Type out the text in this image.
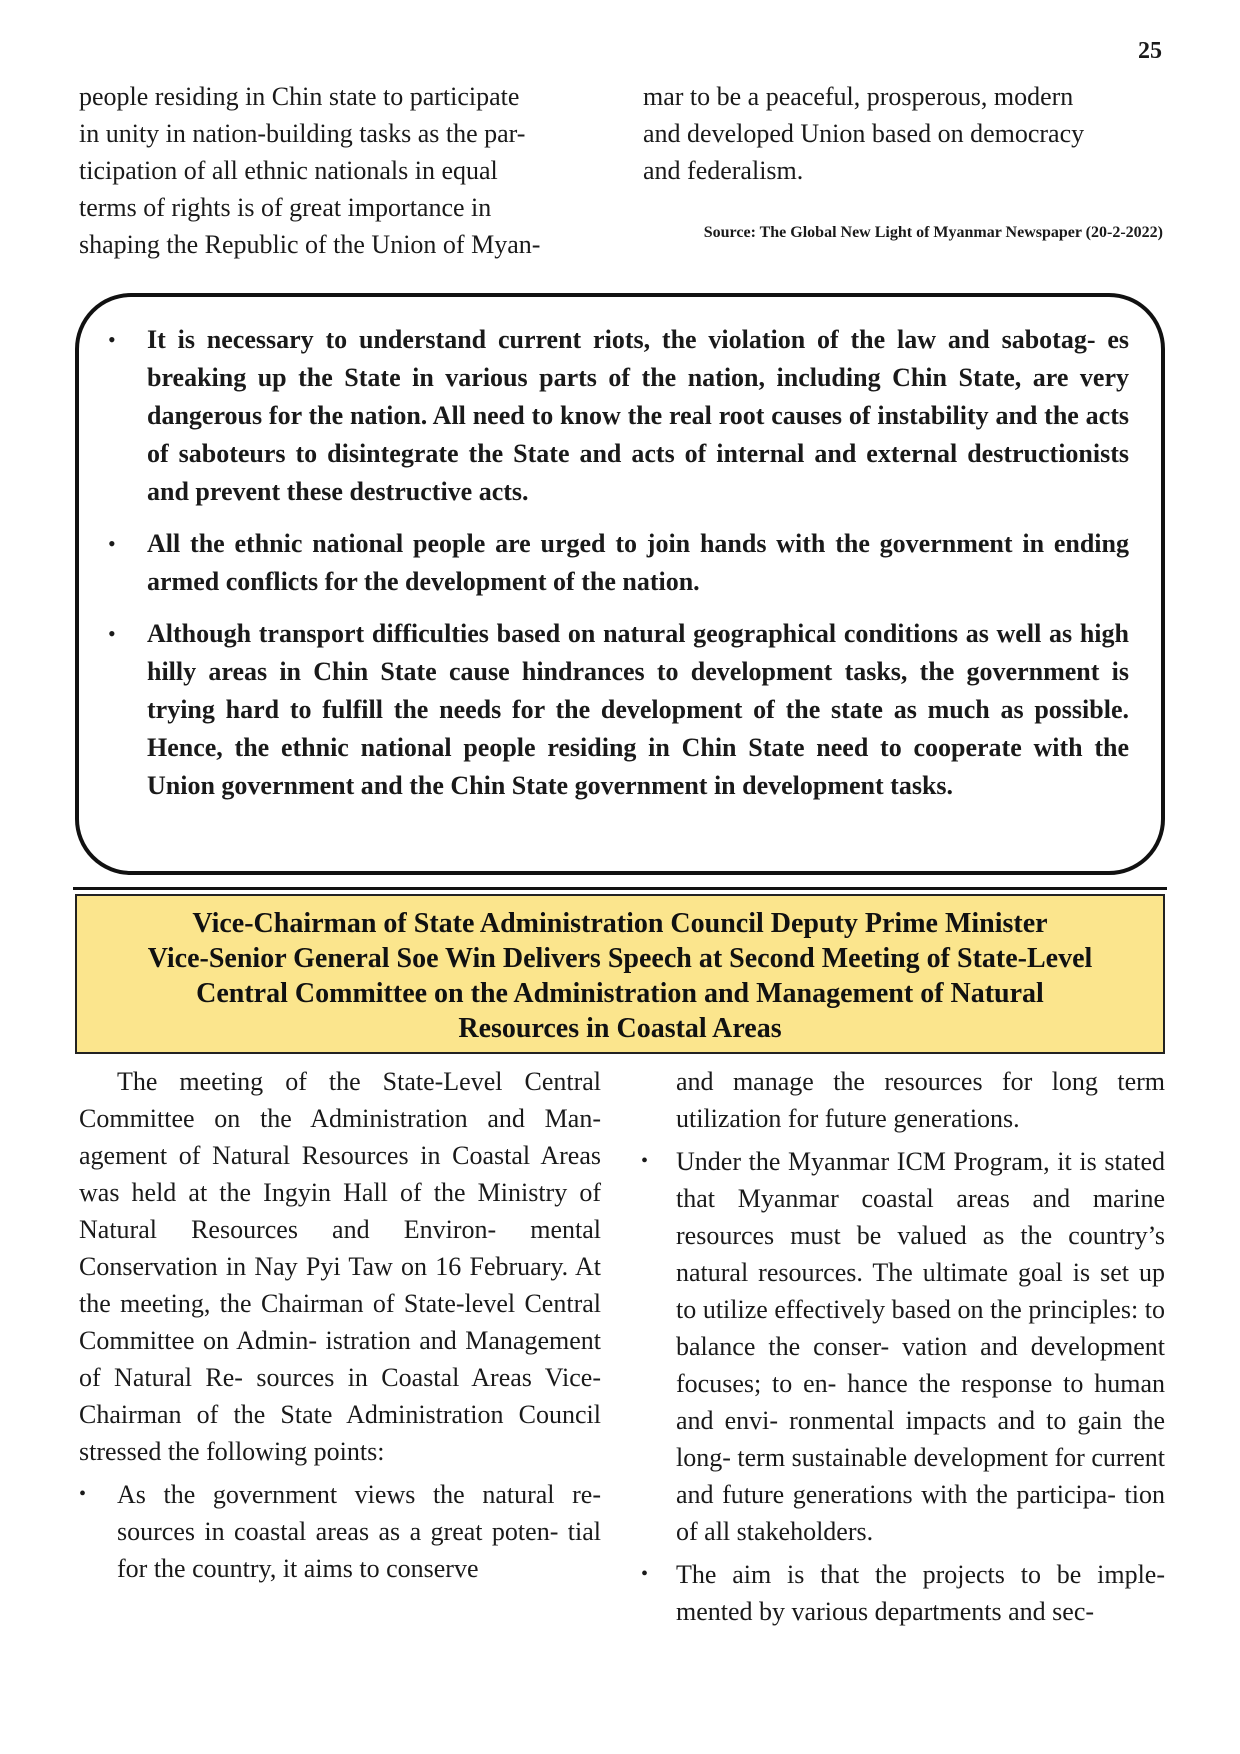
25

people residing in Chin state to participate

in unity in nation-building tasks as the par-

ticipation of all ethnic nationals in equal

terms of rights is of great importance in

shaping the Republic of the Union of Myan-

mar to be a peaceful, prosperous, modern

and developed Union based on democracy

and federalism.

Source: The Global New Light of Myanmar Newspaper (20-2-2022)
• It is necessary to understand current riots, the violation of the law and sabotag- es breaking up the State in various parts of the nation, including Chin State, are very dangerous for the nation. All need to know the real root causes of instability and the acts of saboteurs to disintegrate the State and acts of internal and external destructionists and prevent these destructive acts.
• All the ethnic national people are urged to join hands with the government in ending armed conflicts for the development of the nation.
• Although transport difficulties based on natural geographical conditions as well as high hilly areas in Chin State cause hindrances to development tasks, the government is trying hard to fulfill the needs for the development of the state as much as possible. Hence, the ethnic national people residing in Chin State need to cooperate with the Union government and the Chin State government in development tasks.
Vice-Chairman of State Administration Council Deputy Prime Minister
Vice-Senior General Soe Win Delivers Speech at Second Meeting of State-Level
Central Committee on the Administration and Management of Natural
Resources in Coastal Areas

The meeting of the State-Level Central Committee on the Administration and Man- agement of Natural Resources in Coastal Areas was held at the Ingyin Hall of the Ministry of Natural Resources and Environ- mental Conservation in Nay Pyi Taw on 16 February. At the meeting, the Chairman of State-level Central Committee on Admin- istration and Management of Natural Re- sources in Coastal Areas Vice-Chairman of the State Administration Council stressed the following points:

• As the government views the natural re- sources in coastal areas as a great poten- tial for the country, it aims to conserve

and manage the resources for long term utilization for future generations.

• Under the Myanmar ICM Program, it is stated that Myanmar coastal areas and marine resources must be valued as the country’s natural resources. The ultimate goal is set up to utilize effectively based on the principles: to balance the conser- vation and development focuses; to en- hance the response to human and envi- ronmental impacts and to gain the long- term sustainable development for current and future generations with the participa- tion of all stakeholders.
• The aim is that the projects to be imple- mented by various departments and sec-
